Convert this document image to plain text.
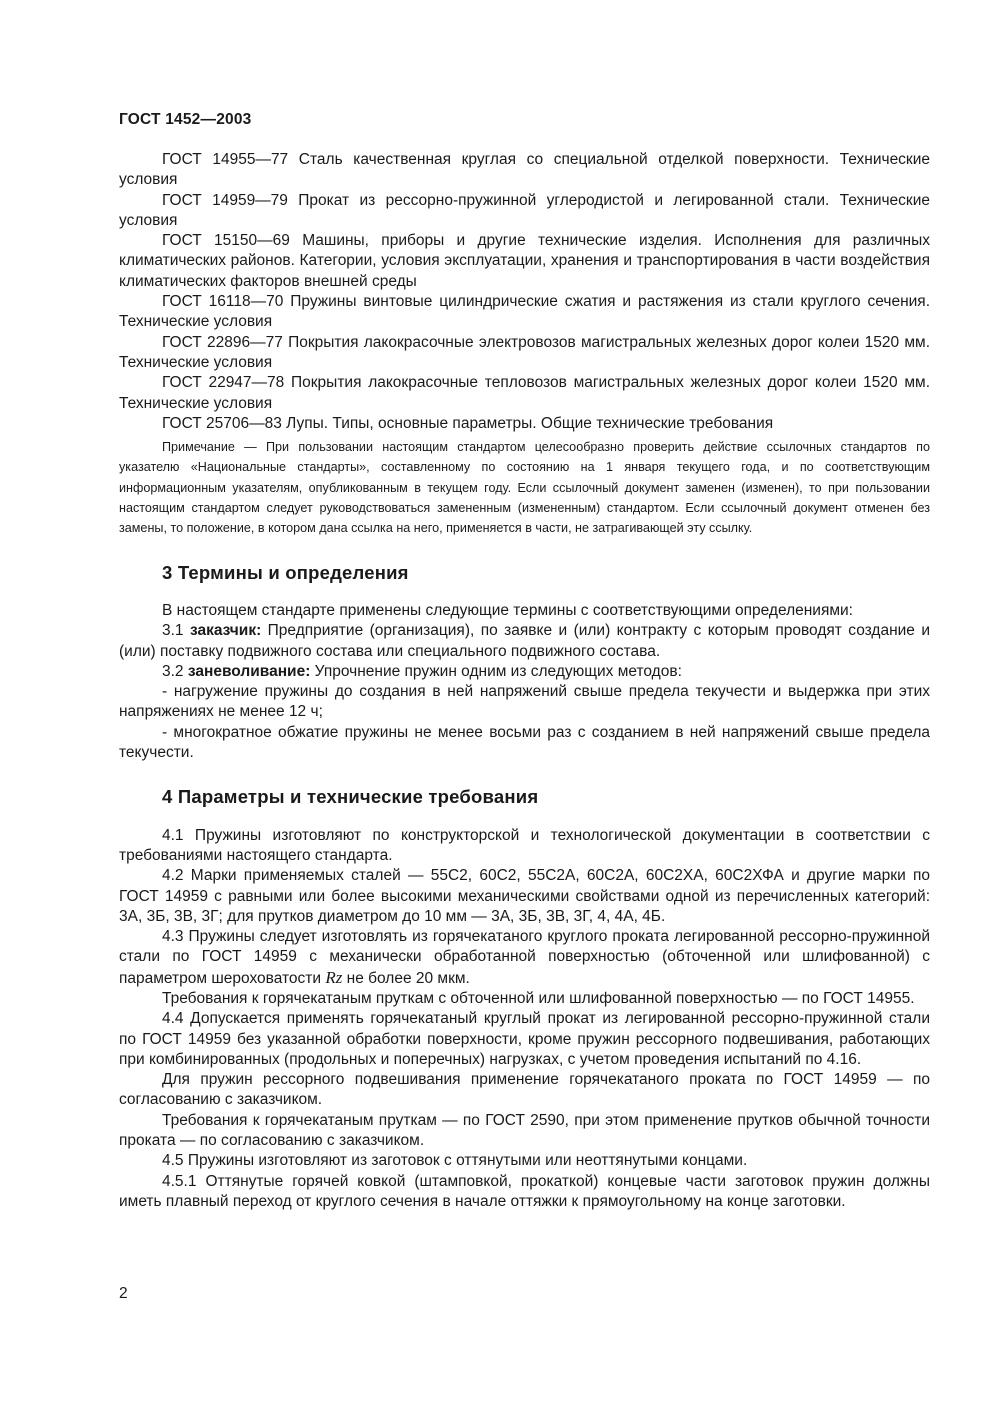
ГОСТ 1452—2003

ГОСТ 14955—77 Сталь качественная круглая со специальной отделкой поверхности. Технические условия

ГОСТ 14959—79 Прокат из рессорно-пружинной углеродистой и легированной стали. Технические условия

ГОСТ 15150—69 Машины, приборы и другие технические изделия. Исполнения для различных климатических районов. Категории, условия эксплуатации, хранения и транспортирования в части воздействия климатических факторов внешней среды

ГОСТ 16118—70 Пружины винтовые цилиндрические сжатия и растяжения из стали круглого сечения. Технические условия

ГОСТ 22896—77 Покрытия лакокрасочные электровозов магистральных железных дорог колеи 1520 мм. Технические условия

ГОСТ 22947—78 Покрытия лакокрасочные тепловозов магистральных железных дорог колеи 1520 мм. Технические условия

ГОСТ 25706—83 Лупы. Типы, основные параметры. Общие технические требования

Примечание — При пользовании настоящим стандартом целесообразно проверить действие ссылочных стандартов по указателю «Национальные стандарты», составленному по состоянию на 1 января текущего года, и по соответствующим информационным указателям, опубликованным в текущем году. Если ссылочный документ заменен (изменен), то при пользовании настоящим стандартом следует руководствоваться замененным (измененным) стандартом. Если ссылочный документ отменен без замены, то положение, в котором дана ссылка на него, применяется в части, не затрагивающей эту ссылку.

3 Термины и определения

В настоящем стандарте применены следующие термины с соответствующими определениями:

3.1 заказчик: Предприятие (организация), по заявке и (или) контракту с которым проводят создание и (или) поставку подвижного состава или специального подвижного состава.

3.2 заневоливание: Упрочнение пружин одним из следующих методов:

- нагружение пружины до создания в ней напряжений свыше предела текучести и выдержка при этих напряжениях не менее 12 ч;

- многократное обжатие пружины не менее восьми раз с созданием в ней напряжений свыше предела текучести.

4 Параметры и технические требования

4.1 Пружины изготовляют по конструкторской и технологической документации в соответствии с требованиями настоящего стандарта.

4.2 Марки применяемых сталей — 55С2, 60С2, 55С2А, 60С2А, 60С2ХА, 60С2ХФА и другие марки по ГОСТ 14959 с равными или более высокими механическими свойствами одной из перечисленных категорий: 3А, 3Б, 3В, 3Г; для прутков диаметром до 10 мм — 3А, 3Б, 3В, 3Г, 4, 4А, 4Б.

4.3 Пружины следует изготовлять из горячекатаного круглого проката легированной рессорно-пружинной стали по ГОСТ 14959 с механически обработанной поверхностью (обточенной или шлифованной) с параметром шероховатости Rz не более 20 мкм.

Требования к горячекатаным пруткам с обточенной или шлифованной поверхностью — по ГОСТ 14955.

4.4 Допускается применять горячекатаный круглый прокат из легированной рессорно-пружинной стали по ГОСТ 14959 без указанной обработки поверхности, кроме пружин рессорного подвешивания, работающих при комбинированных (продольных и поперечных) нагрузках, с учетом проведения испытаний по 4.16.

Для пружин рессорного подвешивания применение горячекатаного проката по ГОСТ 14959 — по согласованию с заказчиком.

Требования к горячекатаным пруткам — по ГОСТ 2590, при этом применение прутков обычной точности проката — по согласованию с заказчиком.

4.5 Пружины изготовляют из заготовок с оттянутыми или неоттянутыми концами.

4.5.1 Оттянутые горячей ковкой (штамповкой, прокаткой) концевые части заготовок пружин должны иметь плавный переход от круглого сечения в начале оттяжки к прямоугольному на конце заготовки.

2
